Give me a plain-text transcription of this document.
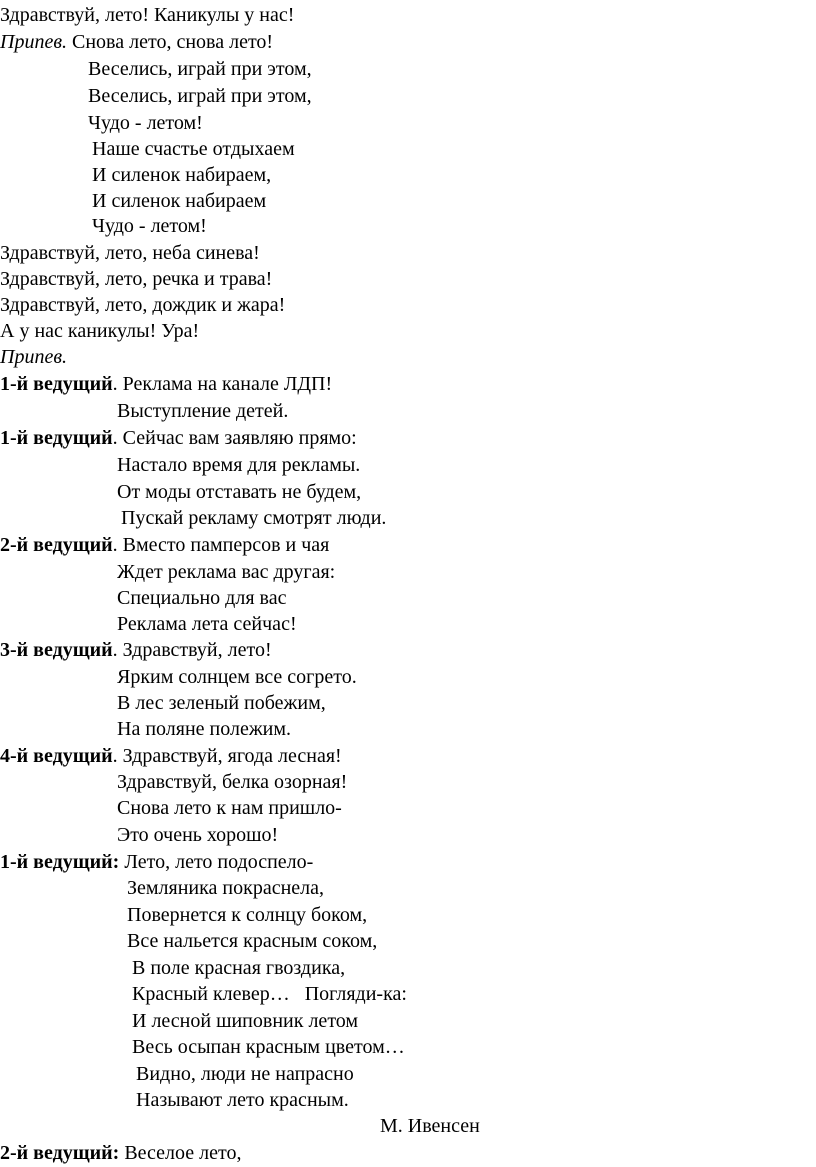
Здравствуй, лето! Каникулы у нас!
Припев. Снова лето, снова лето!
Веселись, играй при этом,
Веселись, играй при этом,
Чудо - летом!
Наше счастье отдыхаем
И силенок набираем,
И силенок набираем
Чудо - летом!
Здравствуй, лето, неба синева!
Здравствуй, лето, речка и трава!
Здравствуй, лето, дождик и жара!
А у нас каникулы! Ура!
Припев.
1-й ведущий. Реклама на канале ЛДП!
Выступление детей.
1-й ведущий. Сейчас вам заявляю прямо:
Настало время для рекламы.
От моды отставать не будем,
Пускай рекламу смотрят люди.
2-й ведущий. Вместо памперсов и чая
Ждет реклама вас другая:
Специально для вас
Реклама лета сейчас!
3-й ведущий. Здравствуй, лето!
Ярким солнцем все согрето.
В лес зеленый побежим,
На поляне полежим.
4-й ведущий. Здравствуй, ягода лесная!
Здравствуй, белка озорная!
Снова лето к нам пришло-
Это очень хорошо!
1-й ведущий: Лето, лето подоспело-
Земляника покраснела,
Повернется к солнцу боком,
Все нальется красным соком,
В поле красная гвоздика,
Красный клевер…   Погляди-ка:
И лесной шиповник летом
Весь осыпан красным цветом…
Видно, люди не напрасно
Называют лето красным.
М. Ивенсен
2-й ведущий: Веселое лето,
